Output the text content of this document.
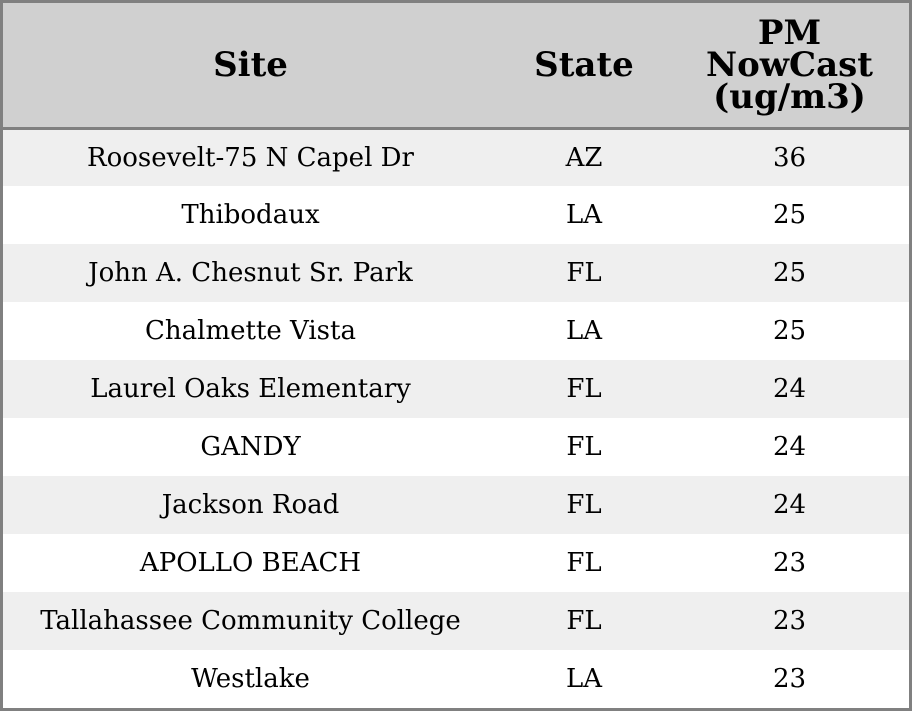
Site	State	PM
NowCast
(ug/m3)

Roosevelt-75 N Capel Dr	AZ	36
Thibodaux	LA	25
John A. Chesnut Sr. Park	FL	25
Chalmette Vista	LA	25
Laurel Oaks Elementary	FL	24
GANDY	FL	24
Jackson Road	FL	24
APOLLO BEACH	FL	23
Tallahassee Community College	FL	23
Westlake	LA	23
